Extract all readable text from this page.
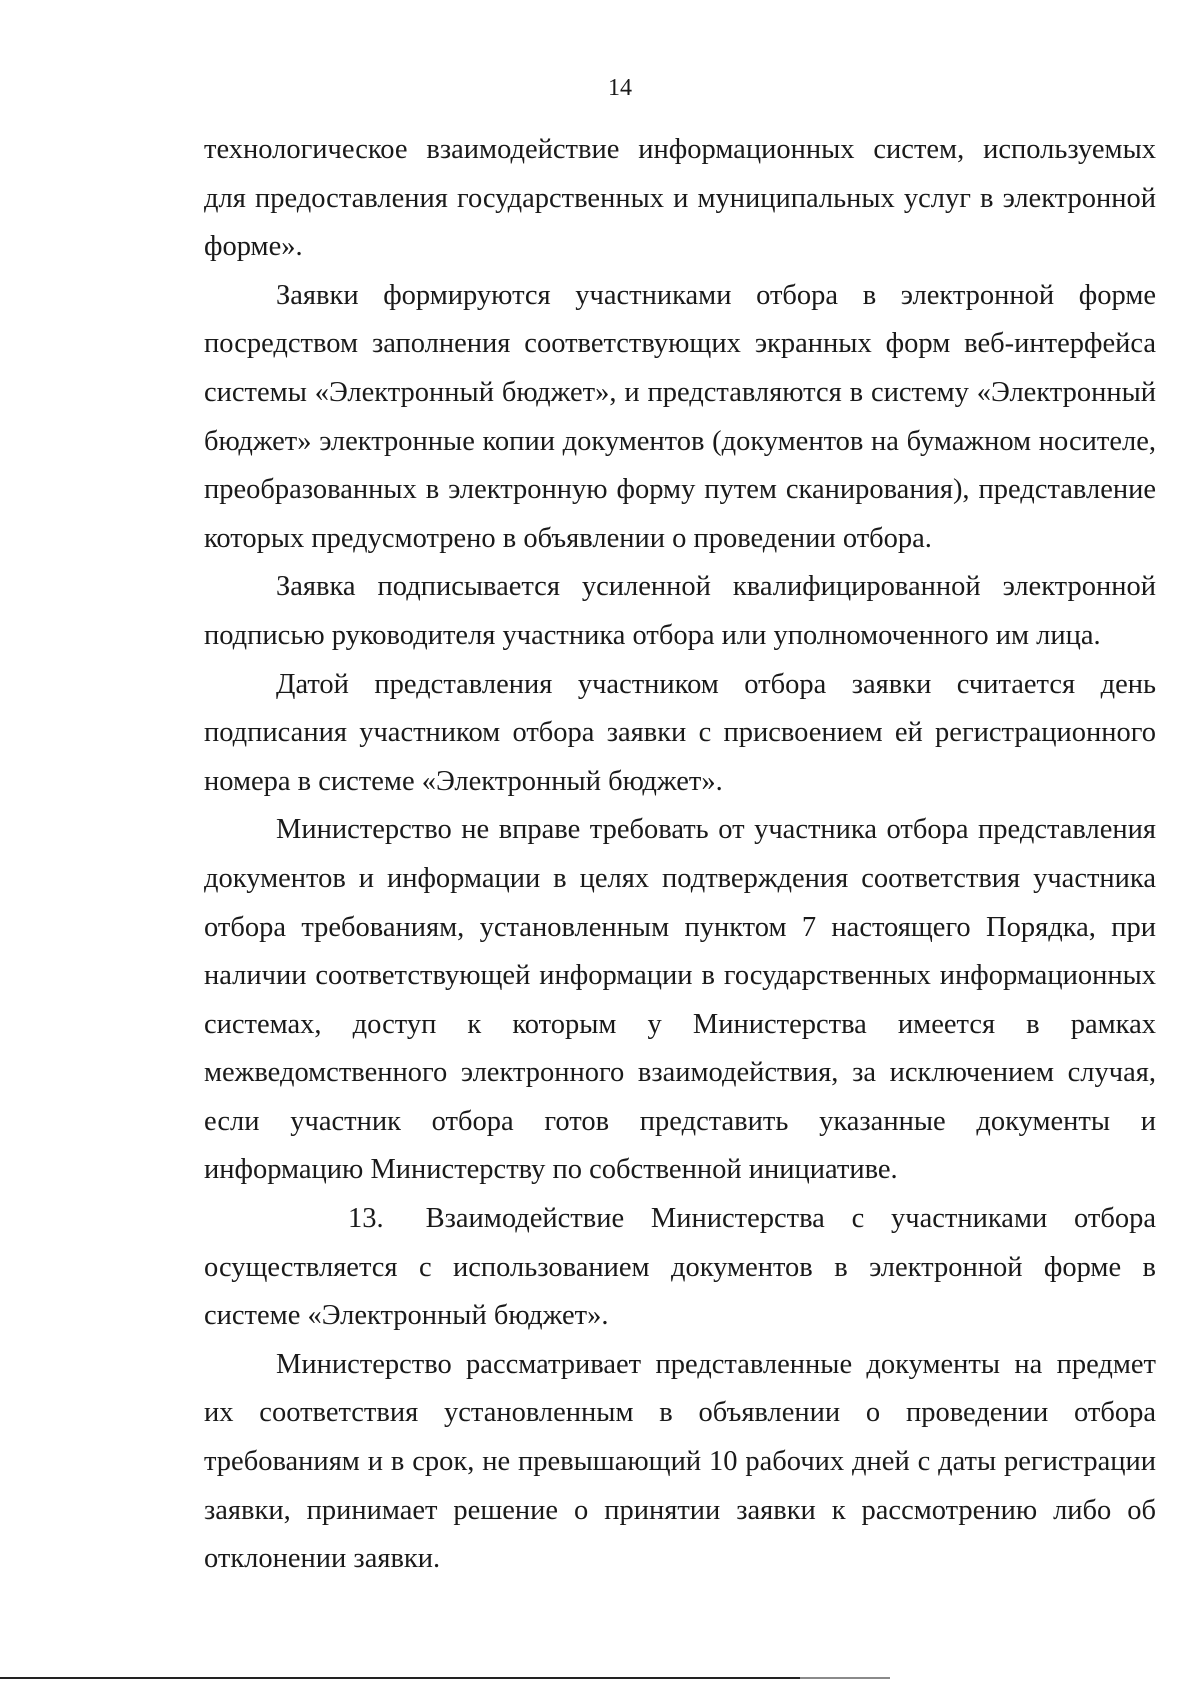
14

технологическое взаимодействие информационных систем, используемых для предоставления государственных и муниципальных услуг в электронной форме».

Заявки формируются участниками отбора в электронной форме посредством заполнения соответствующих экранных форм веб-интерфейса системы «Электронный бюджет», и представляются в систему «Электронный бюджет» электронные копии документов (документов на бумажном носителе, преобразованных в электронную форму путем сканирования), представление которых предусмотрено в объявлении о проведении отбора.

Заявка подписывается усиленной квалифицированной электронной подписью руководителя участника отбора или уполномоченного им лица.

Датой представления участником отбора заявки считается день подписания участником отбора заявки с присвоением ей регистрационного номера в системе «Электронный бюджет».

Министерство не вправе требовать от участника отбора представления документов и информации в целях подтверждения соответствия участника отбора требованиям, установленным пунктом 7 настоящего Порядка, при наличии соответствующей информации в государственных информационных системах, доступ к которым у Министерства имеется в рамках межведомственного электронного взаимодействия, за исключением случая, если участник отбора готов представить указанные документы и информацию Министерству по собственной инициативе.

13. Взаимодействие Министерства с участниками отбора осуществляется с использованием документов в электронной форме в системе «Электронный бюджет».

Министерство рассматривает представленные документы на предмет их соответствия установленным в объявлении о проведении отбора требованиям и в срок, не превышающий 10 рабочих дней с даты регистрации заявки, принимает решение о принятии заявки к рассмотрению либо об отклонении заявки.
